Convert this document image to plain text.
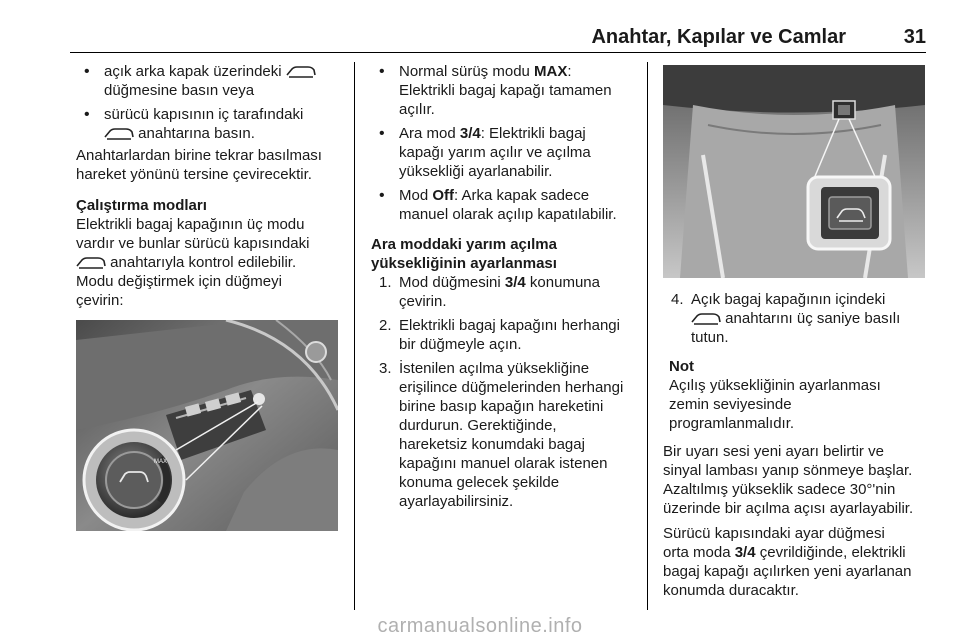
Anahtar, Kapılar ve Camlar	31

• açık arka kapak üzerindeki

düğmesine basın veya

• sürücü kapısının iç tarafındaki

anahtarına basın.

Anahtarlardan birine tekrar basılması

hareket yönünü tersine çevirecektir.

Çalıştırma modları

Elektrikli bagaj kapağının üç modu

vardır ve bunlar sürücü kapısındaki

anahtarıyla kontrol edilebilir.

Modu değiştirmek için düğmeyi

çevirin:

MAX

• Normal sürüş modu MAX:

Elektrikli bagaj kapağı tamamen

açılır.

• Ara mod 3/4: Elektrikli bagaj

kapağı yarım açılır ve açılma

yüksekliği ayarlanabilir.

• Mod Off: Arka kapak sadece

manuel olarak açılıp kapatılabilir.

Ara moddaki yarım açılma

yüksekliğinin ayarlanması

1. Mod düğmesini 3/4 konumuna

çevirin.

2. Elektrikli bagaj kapağını herhangi

bir düğmeyle açın.

3. İstenilen açılma yüksekliğine

erişilince düğmelerinden herhangi

birine basıp kapağın hareketini

durdurun. Gerektiğinde,

hareketsiz konumdaki bagaj

kapağını manuel olarak istenen

konuma gelecek şekilde

ayarlayabilirsiniz.

4. Açık bagaj kapağının içindeki

anahtarını üç saniye basılı

tutun.

Not

Açılış yüksekliğinin ayarlanması

zemin seviyesinde

programlanmalıdır.

Bir uyarı sesi yeni ayarı belirtir ve

sinyal lambası yanıp sönmeye başlar.

Azaltılmış yükseklik sadece 30°'nin

üzerinde bir açılma açısı ayarlayabilir.

Sürücü kapısındaki ayar düğmesi

orta moda 3/4 çevrildiğinde, elektrikli

bagaj kapağı açılırken yeni ayarlanan

konumda duracaktır.

carmanualsonline.info
